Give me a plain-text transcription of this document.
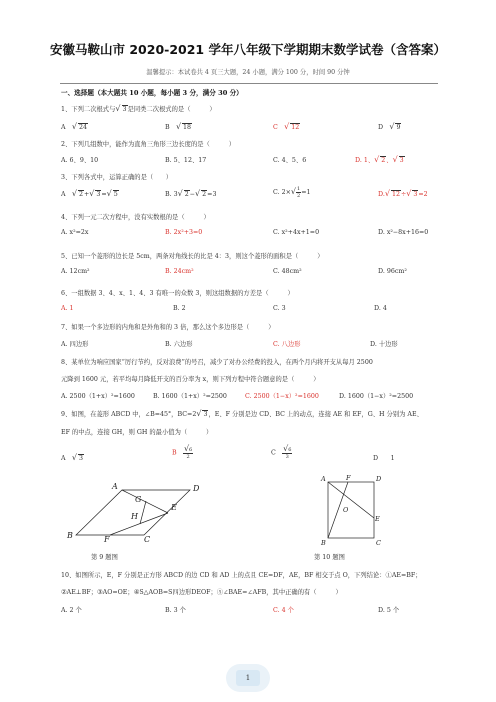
安徽马鞍山市 2020-2021 学年八年级下学期期末数学试卷（含答案）
温馨提示：本试卷共 4 页三大题，24 小题，满分 100 分，时间 90 分钟
一、选择题（本大题共 10 小题，每小题 3 分，满分 30 分）
1、下列二次根式与√ 3是同类二次根式的是（　　　）
A　 √ 24	B　 √ 18	C　 √ 12	D　 √ 9
2、下列几组数中，能作为直角三角形三边长度的是（　　　）
A. 6、9、10	B. 5、12、17	C. 4、5、6	D. 1、√ 2、√ 3
3、下列各式中，运算正确的是（　　）
A　 √ 2+√ 3=√ 5	B. 3√ 2−√ 2=3	C. $2\times√ \frac{1}{2}=1$	D.√ 12÷√ 3=2
4、下列一元二次方程中，没有实数根的是（　　　）
A. x²=2x	B. 2x²+3=0	C. x²+4x+1=0	D. x²−8x+16=0
5、已知一个菱形的边长是 5cm，两条对角线长的比是 4：3，则这个菱形的面积是（　　　）
A. 12cm²	B. 24cm²	C. 48cm²	D. 96cm²
6、一组数据 3、4、x、1、4、3 有唯一的众数 3，则这组数据的方差是（　　　）
A. 1	B. 2	C. 3	D. 4
7、如果一个多边形的内角和是外角和的 3 倍，那么这个多边形是（　　　）
A. 四边形	B. 六边形	C. 八边形	D. 十边形
8、某单位为响应国家“厉行节约，反对浪费”的号召，减少了对办公经费的投入，在两个月内将开支从每月 2500
元降到 1600 元，若平均每月降低开支的百分率为 x，则下列方程中符合题意的是（　　　）
A. 2500（1+x）²=1600	B. 1600（1+x）²=2500	C. 2500（1−x）²=1600	D. 1600（1−x）²=2500
9、如图，在菱形 ABCD 中，∠B=45°，BC=2√ 3，E、F 分别是边 CD、BC 上的动点，连接 AE 和 EF，G、H 分别为 AE、
EF 的中点，连接 GH，则 GH 的最小值为（　　　）
A　 √ 3
B　 $\frac{√6}{2}$	C　 $\frac{√6}{3}$	D　　 1
A	D
B	C
E
F
G
H
第 9 题图
A	F	D
O
E
B	C
第 10 题图
10、如图所示，E，F 分别是正方形 ABCD 的边 CD 和 AD 上的点且 CE=DF，AE，BF 相交于点 O，下列结论：①AE=BF；
②AE⊥BF；③AO=OE；④S△AOB=S四边形DEOF；⑤∠BAE=∠AFB，其中正确的有（　　　）
A. 2 个	B. 3 个	C. 4 个	D. 5 个
1
